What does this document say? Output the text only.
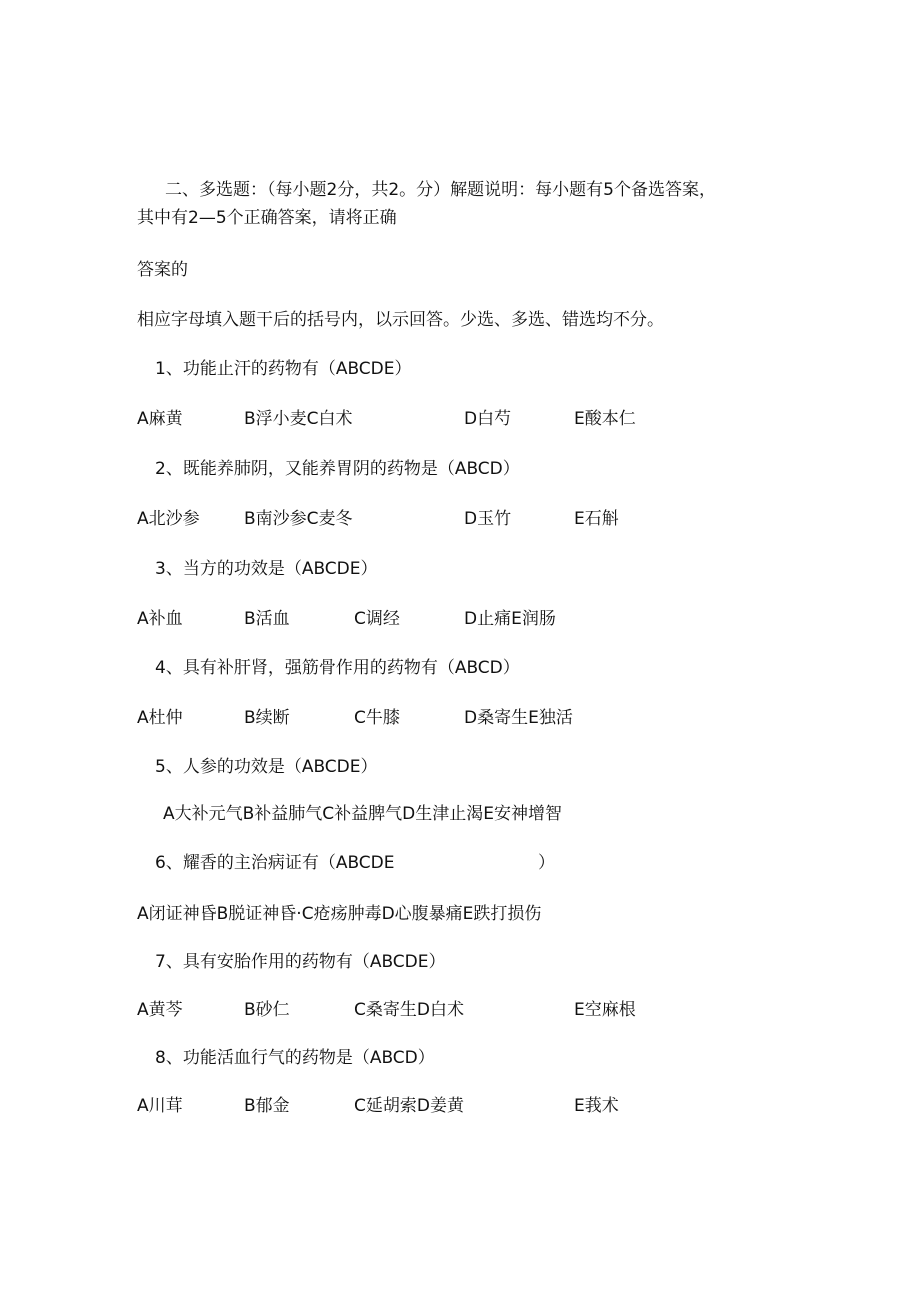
二、多选题：（每小题2分，共2。分）解题说明：每小题有5个备选答案，
其中有2—5个正确答案，请将正确
答案的
相应字母填入题干后的括号内，以示回答。少选、多选、错选均不分。
1、功能止汗的药物有（ABCDE）
A麻黄	B浮小麦C白术	D白芍	E酸本仁
2、既能养肺阴，又能养胃阴的药物是（ABCD）
A北沙参	B南沙参C麦冬	D玉竹	E石斛
3、当方的功效是（ABCDE）
A补血	B活血	C调经	D止痛E润肠
4、具有补肝肾，强筋骨作用的药物有（ABCD）
A杜仲	B续断	C牛膝	D桑寄生E独活
5、人参的功效是（ABCDE）
A大补元气B补益肺气C补益脾气D生津止渴E安神增智
6、耀香的主治病证有（ABCDE	）
A闭证神昏B脱证神昏·C疮疡肿毒D心腹暴痛E跌打损伤
7、具有安胎作用的药物有（ABCDE）
A黄芩	B砂仁	C桑寄生D白术	E空麻根
8、功能活血行气的药物是（ABCD）
A川茸	B郁金	C延胡索D姜黄	E莪术
